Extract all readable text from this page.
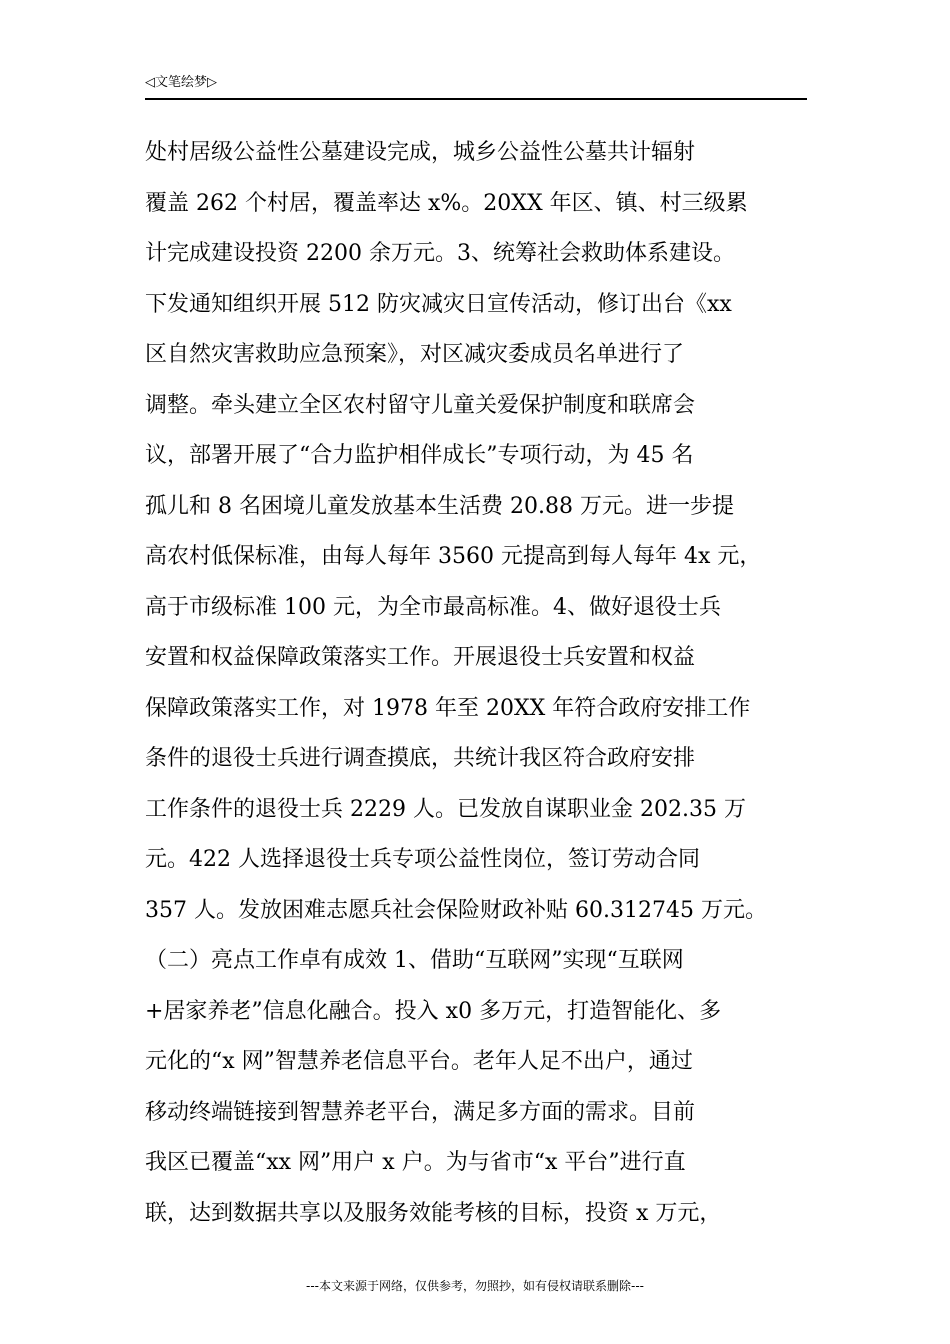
◁文笔绘梦▷
处村居级公益性公墓建设完成，城乡公益性公墓共计辐射
覆盖 262 个村居，覆盖率达 x%。20XX 年区、镇、村三级累
计完成建设投资 2200 余万元。3、统筹社会救助体系建设。
下发通知组织开展 512 防灾减灾日宣传活动，修订出台《xx
区自然灾害救助应急预案》，对区减灾委成员名单进行了
调整。牵头建立全区农村留守儿童关爱保护制度和联席会
议，部署开展了“合力监护相伴成长”专项行动，为 45 名
孤儿和 8 名困境儿童发放基本生活费 20.88 万元。进一步提
高农村低保标准，由每人每年 3560 元提高到每人每年 4x 元，
高于市级标准 100 元，为全市最高标准。4、做好退役士兵
安置和权益保障政策落实工作。开展退役士兵安置和权益
保障政策落实工作，对 1978 年至 20XX 年符合政府安排工作
条件的退役士兵进行调查摸底，共统计我区符合政府安排
工作条件的退役士兵 2229 人。已发放自谋职业金 202.35 万
元。422 人选择退役士兵专项公益性岗位，签订劳动合同
357 人。发放困难志愿兵社会保险财政补贴 60.312745 万元。
（二）亮点工作卓有成效 1、借助“互联网”实现“互联网
+居家养老”信息化融合。投入 x0 多万元，打造智能化、多
元化的“x 网”智慧养老信息平台。老年人足不出户，通过
移动终端链接到智慧养老平台，满足多方面的需求。目前
我区已覆盖“xx 网”用户 x 户。为与省市“x 平台”进行直
联，达到数据共享以及服务效能考核的目标，投资 x 万元，
---本文来源于网络，仅供参考，勿照抄，如有侵权请联系删除---
